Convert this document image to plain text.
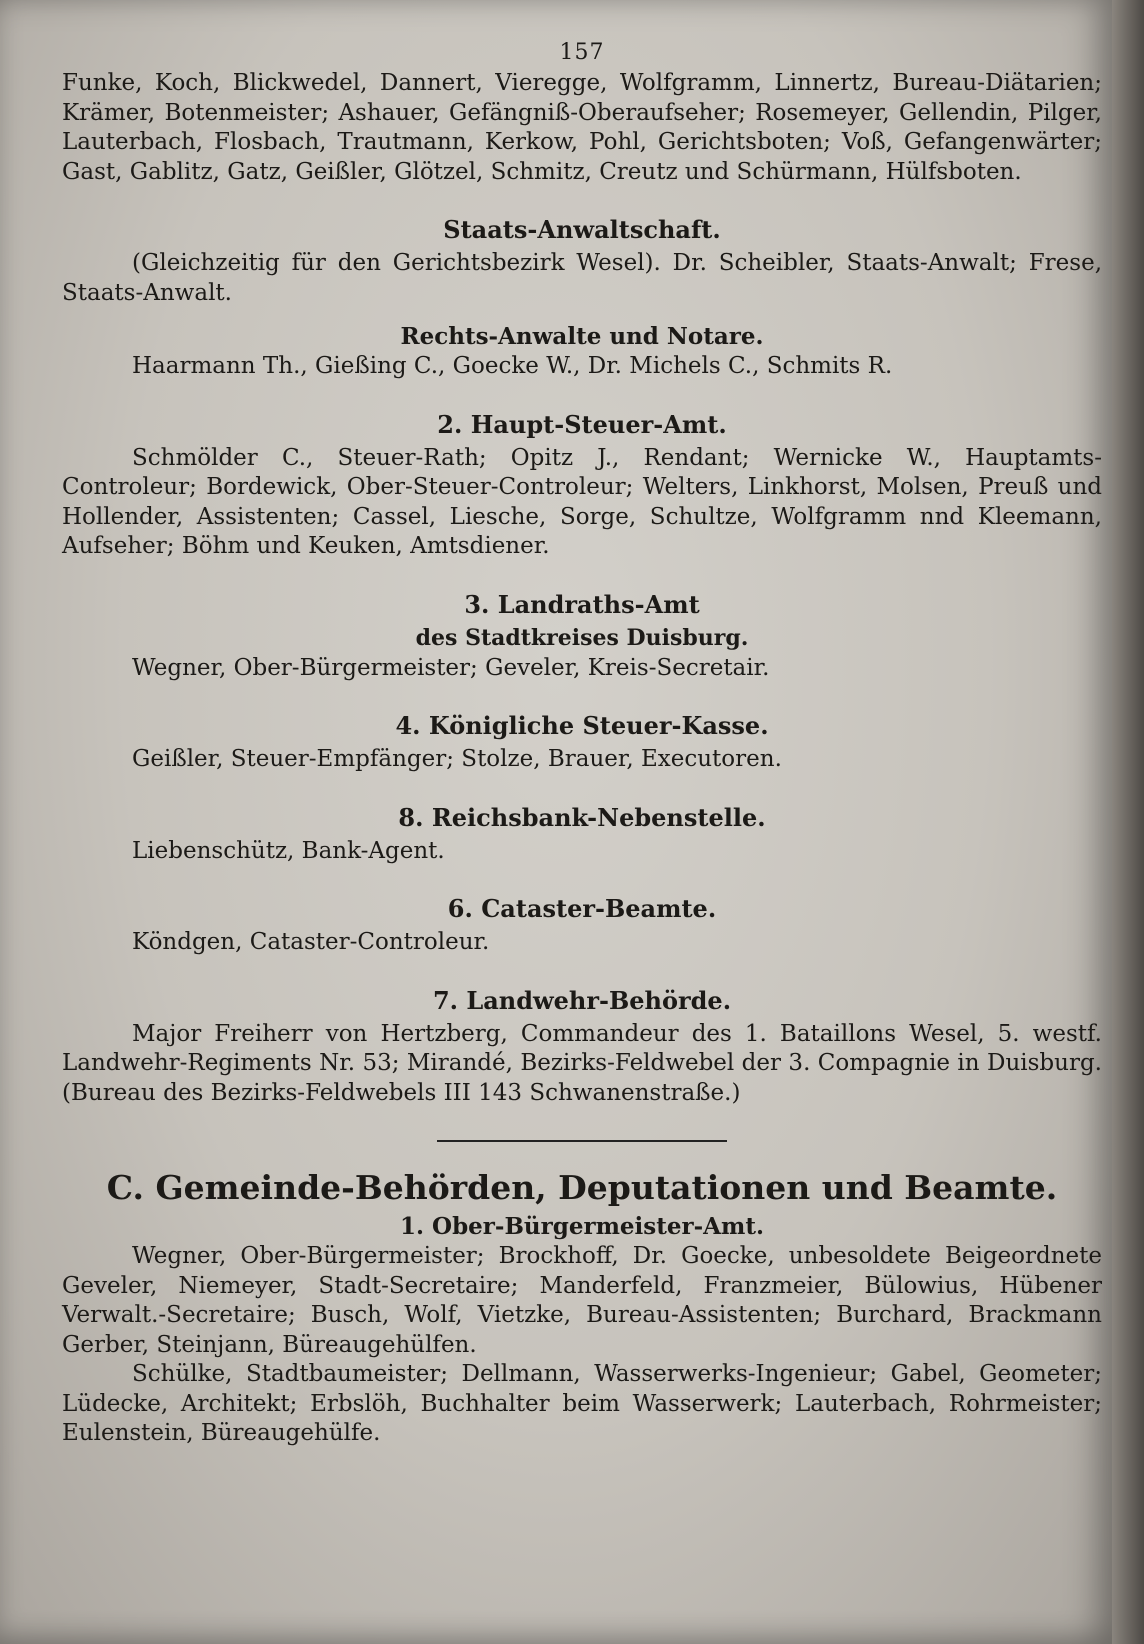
157

Funke, Koch, Blickwedel, Dannert, Vieregge, Wolfgramm, Linnertz, Bureau-Diätarien; Krämer, Botenmeister; Ashauer, Gefängniß-Oberaufseher; Rosemeyer, Gellendin, Pilger, Lauterbach, Flosbach, Trautmann, Kerkow, Pohl, Gerichtsboten; Voß, Gefangenwärter; Gast, Gablitz, Gatz, Geißler, Glötzel, Schmitz, Creutz und Schürmann, Hülfsboten.

Staats-Anwaltschaft.

(Gleichzeitig für den Gerichtsbezirk Wesel). Dr. Scheibler, Staats-Anwalt; Frese, Staats-Anwalt.

Rechts-Anwalte und Notare.

Haarmann Th., Gießing C., Goecke W., Dr. Michels C., Schmits R.

2. Haupt-Steuer-Amt.

Schmölder C., Steuer-Rath; Opitz J., Rendant; Wernicke W., Hauptamts-Controleur; Bordewick, Ober-Steuer-Controleur; Welters, Linkhorst, Molsen, Preuß und Hollender, Assistenten; Cassel, Liesche, Sorge, Schultze, Wolfgramm nnd Kleemann, Aufseher; Böhm und Keuken, Amtsdiener.

3. Landraths-Amt
des Stadtkreises Duisburg.

Wegner, Ober-Bürgermeister; Geveler, Kreis-Secretair.

4. Königliche Steuer-Kasse.

Geißler, Steuer-Empfänger; Stolze, Brauer, Executoren.

8. Reichsbank-Nebenstelle.

Liebenschütz, Bank-Agent.

6. Cataster-Beamte.

Köndgen, Cataster-Controleur.

7. Landwehr-Behörde.

Major Freiherr von Hertzberg, Commandeur des 1. Bataillons Wesel, 5. westf. Landwehr-Regiments Nr. 53; Mirandé, Bezirks-Feldwebel der 3. Compagnie in Duisburg. (Bureau des Bezirks-Feldwebels III 143 Schwanenstraße.)

C. Gemeinde-Behörden, Deputationen und Beamte.
1. Ober-Bürgermeister-Amt.

Wegner, Ober-Bürgermeister; Brockhoff, Dr. Goecke, unbesoldete Beigeordnete Geveler, Niemeyer, Stadt-Secretaire; Manderfeld, Franzmeier, Bülowius, Hübener Verwalt.-Secretaire; Busch, Wolf, Vietzke, Bureau-Assistenten; Burchard, Brackmann Gerber, Steinjann, Büreaugehülfen.

Schülke, Stadtbaumeister; Dellmann, Wasserwerks-Ingenieur; Gabel, Geometer; Lüdecke, Architekt; Erbslöh, Buchhalter beim Wasserwerk; Lauterbach, Rohrmeister; Eulenstein, Büreaugehülfe.
